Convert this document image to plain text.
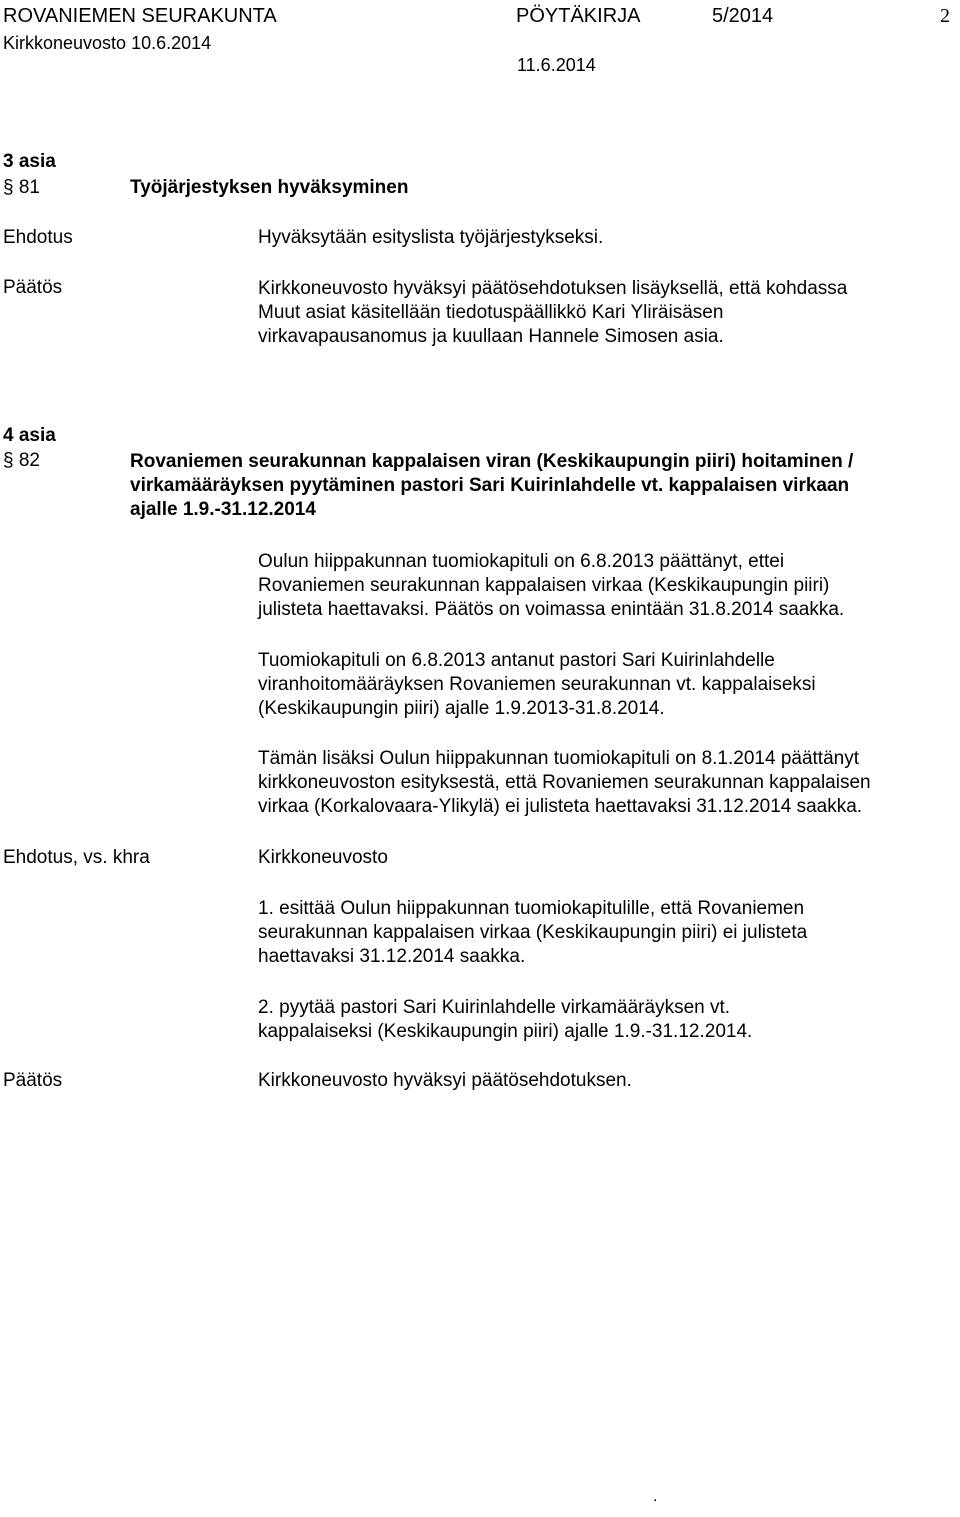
ROVANIEMEN SEURAKUNTA	PÖYTÄKIRJA	5/2014	2
Kirkkoneuvosto 10.6.2014
11.6.2014
3 asia
§ 81	Työjärjestyksen hyväksyminen
Ehdotus	Hyväksytään esityslista työjärjestykseksi.
Päätös	Kirkkoneuvosto hyväksyi päätösehdotuksen lisäyksellä, että kohdassa
Muut asiat käsitellään tiedotuspäällikkö Kari Yliräisäsen
virkavapausanomus ja kuullaan Hannele Simosen asia.
4 asia
§ 82	Rovaniemen seurakunnan kappalaisen viran (Keskikaupungin piiri) hoitaminen /
virkamääräyksen pyytäminen pastori Sari Kuirinlahdelle vt. kappalaisen virkaan
ajalle 1.9.-31.12.2014
Oulun hiippakunnan tuomiokapituli on 6.8.2013 päättänyt, ettei
Rovaniemen seurakunnan kappalaisen virkaa (Keskikaupungin piiri)
julisteta haettavaksi. Päätös on voimassa enintään 31.8.2014 saakka.
Tuomiokapituli on 6.8.2013 antanut pastori Sari Kuirinlahdelle
viranhoitomääräyksen Rovaniemen seurakunnan vt. kappalaiseksi
(Keskikaupungin piiri) ajalle 1.9.2013-31.8.2014.
Tämän lisäksi Oulun hiippakunnan tuomiokapituli on 8.1.2014 päättänyt
kirkkoneuvoston esityksestä, että Rovaniemen seurakunnan kappalaisen
virkaa (Korkalovaara-Ylikylä) ei julisteta haettavaksi 31.12.2014 saakka.
Ehdotus, vs. khra	Kirkkoneuvosto
1. esittää Oulun hiippakunnan tuomiokapitulille, että Rovaniemen
seurakunnan kappalaisen virkaa (Keskikaupungin piiri) ei julisteta
haettavaksi 31.12.2014 saakka.
2. pyytää pastori Sari Kuirinlahdelle virkamääräyksen vt.
kappalaiseksi (Keskikaupungin piiri) ajalle 1.9.-31.12.2014.
Päätös	Kirkkoneuvosto hyväksyi päätösehdotuksen.
.
